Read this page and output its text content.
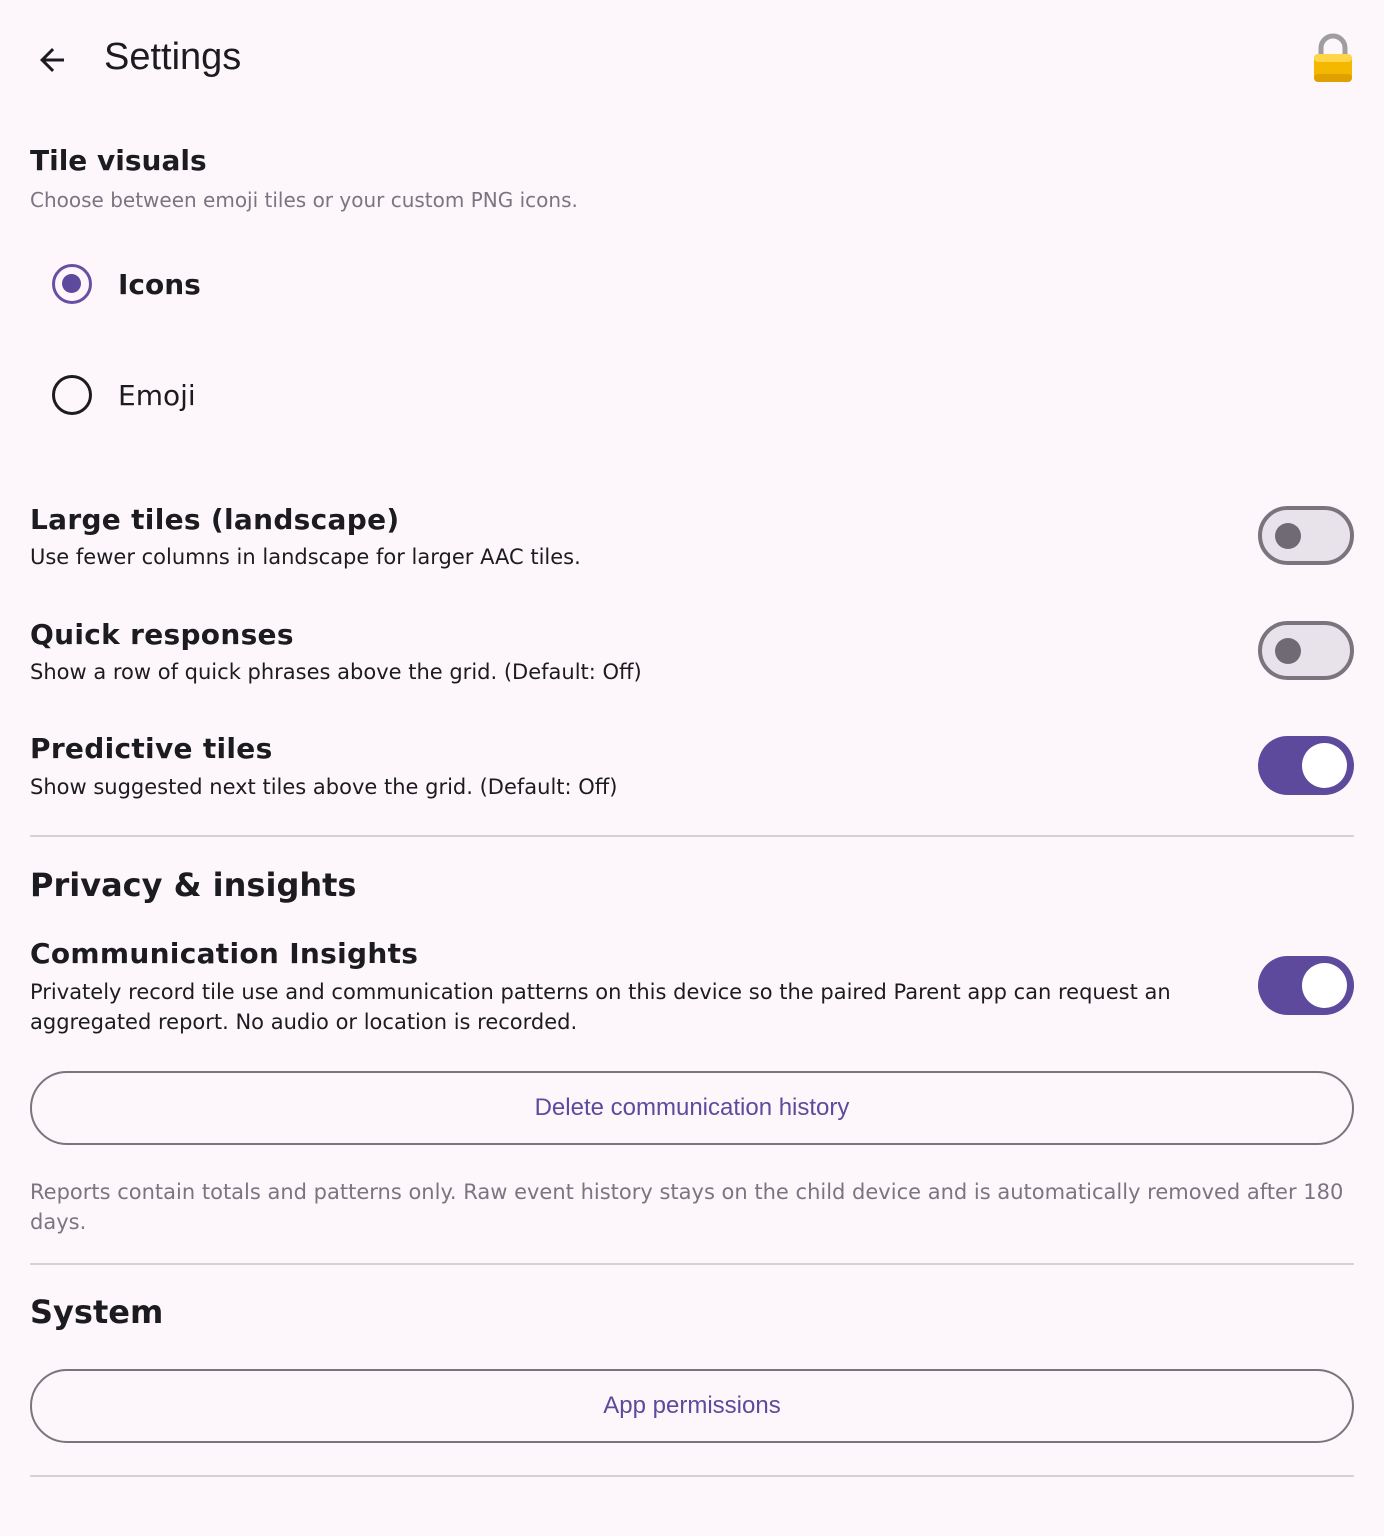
Settings
Tile visuals
Choose between emoji tiles or your custom PNG icons.
Icons
Emoji
Large tiles (landscape)
Use fewer columns in landscape for larger AAC tiles.
Quick responses
Show a row of quick phrases above the grid. (Default: Off)
Predictive tiles
Show suggested next tiles above the grid. (Default: Off)
Privacy & insights
Communication Insights
Privately record tile use and communication patterns on this device so the paired Parent app can request an
aggregated report. No audio or location is recorded.
Delete communication history
Reports contain totals and patterns only. Raw event history stays on the child device and is automatically removed after 180
days.
System
App permissions
